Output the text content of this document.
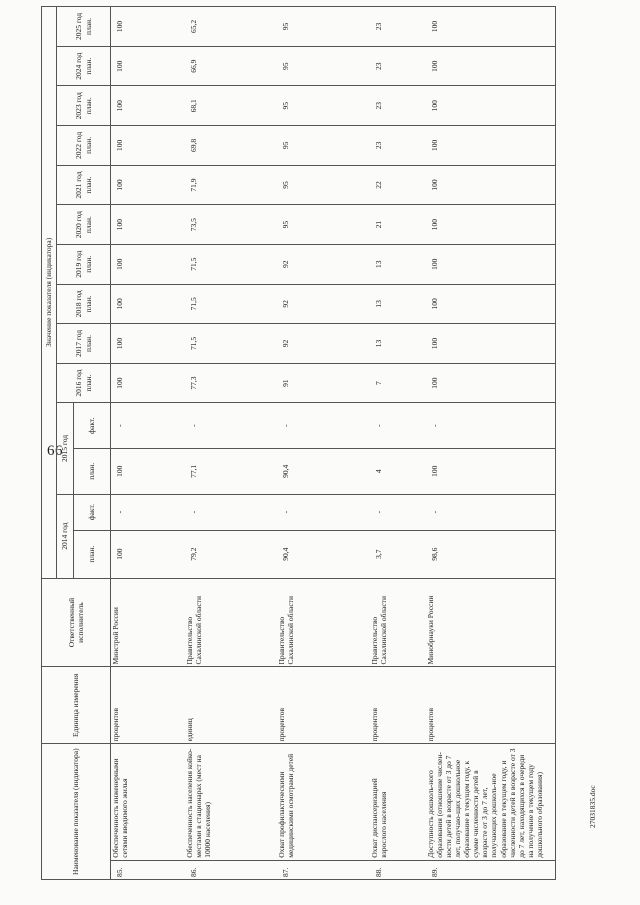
66
Наименование показателя (индикатора)		Единица измерения	Ответственный исполнитель	Значение показателя (индикатора)													
				2014 год		2015 год		2016 год план.	2017 год план.	2018 год план.	2019 год план.	2020 год план.	2021 год план.	2022 год план.	2023 год план.	2024 год план.	2025 год план.
				план.	факт.	план.	факт.										
85.	Обеспеченность инженерными сетями вводимого жилья	процентов	Минстрой России	100	-	100	-	100	100	100	100	100	100	100	100	100	100
86.	Обеспеченность населения койко-местами в стационарах (мест на 10000 населения)	единиц	Правительство Сахалинской области	79,2	-	77,1	-	77,3	71,5	71,5	71,5	73,5	71,9	69,8	68,1	66,9	65,2
87.	Охват профилактическими медицинскими осмотрами детей	процентов	Правительство Сахалинской области	90,4	-	90,4	-	91	92	92	92	95	95	95	95	95	95
88.	Охват диспансеризацией взрослого населения	процентов	Правительство Сахалинской области	3,7	-	4	-	7	13	13	13	21	22	23	23	23	23
89.	Доступность дошколь-ного образования (отношение числен-ности детей в возрасте от 3 до 7 лет, получаю-щих дошкольное образование в текущем году, к сумме численности детей в возрасте от 3 до 7 лет, получающих дошколь-ное образование в текущем году, и численности детей в возрасте от 3 до 7 лет, находящихся в очереди на получение в текущем году дошкольного образования)	процентов	Минобрнауки России	98,6	-	100	-	100	100	100	100	100	100	100	100	100	100
27031835.doc
